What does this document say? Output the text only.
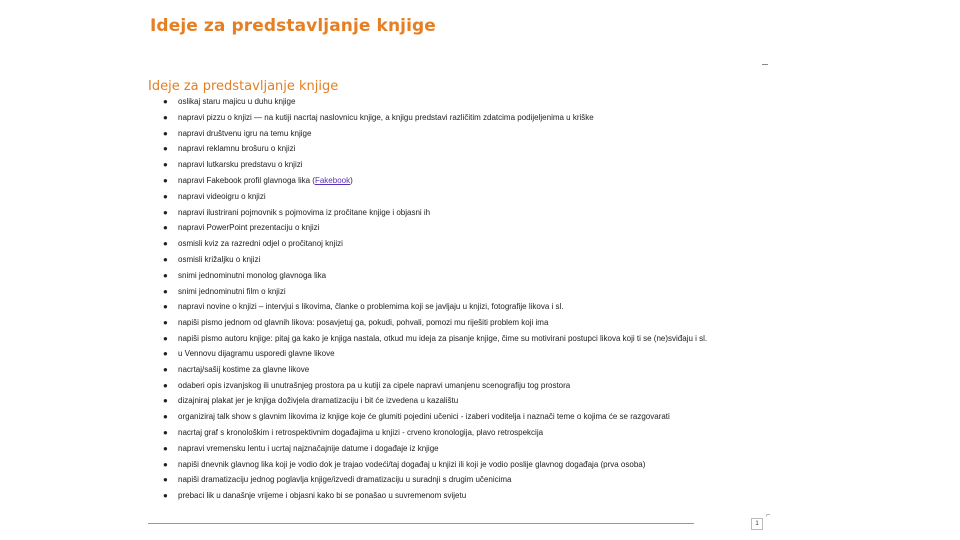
Ideje za predstavljanje knjige
Ideje za predstavljanje knjige
● oslikaj staru majicu u duhu knjige
● napravi pizzu o knjizi — na kutiji nacrtaj naslovnicu knjige, a knjigu predstavi različitim zdatcima podijeljenima u kriške
● napravi društvenu igru na temu knjige
● napravi reklamnu brošuru o knjizi
● napravi lutkarsku predstavu o knjizi
● napravi Fakebook profil glavnoga lika (Fakebook)
● napravi videoigru o knjizi
● napravi ilustrirani pojmovnik s pojmovima iz pročitane knjige i objasni ih
● napravi PowerPoint prezentaciju o knjizi
● osmisli kviz za razredni odjel o pročitanoj knjizi
● osmisli križaljku o knjizi
● snimi jednominutni monolog glavnoga lika
● snimi jednominutni film o knjizi
● napravi novine o knjizi – intervjui s likovima, članke o problemima koji se javljaju u knjizi, fotografije likova i sl.
● napiši pismo jednom od glavnih likova: posavjetuj ga, pokudi, pohvali, pomozi mu riješiti problem koji ima
● napiši pismo autoru knjige: pitaj ga kako je knjiga nastala, otkud mu ideja za pisanje knjige, čime su motivirani postupci likova koji ti se (ne)sviđaju i sl.
● u Vennovu dijagramu usporedi glavne likove
● nacrtaj/sašij kostime za glavne likove
● odaberi opis izvanjskog ili unutrašnjeg prostora pa u kutiji za cipele napravi umanjenu scenografiju tog prostora
● dizajniraj plakat jer je knjiga doživjela dramatizaciju i bit će izvedena u kazalištu
● organiziraj talk show s glavnim likovima iz knjige koje će glumiti pojedini učenici - izaberi voditelja i naznači teme o kojima će se razgovarati
● nacrtaj graf s kronološkim i retrospektivnim događajima u knjizi - crveno kronologija, plavo retrospekcija
● napravi vremensku lentu i ucrtaj najznačajnije datume i događaje iz knjige
● napiši dnevnik glavnog lika koji je vodio dok je trajao vodeći/taj događaj u knjizi ili koji je vodio poslije glavnog događaja (prva osoba)
● napiši dramatizaciju jednog poglavlja knjige/izvedi dramatizaciju u suradnji s drugim učenicima
● prebaci lik u današnje vrijeme i objasni kako bi se ponašao u suvremenom svijetu
1
⌐
